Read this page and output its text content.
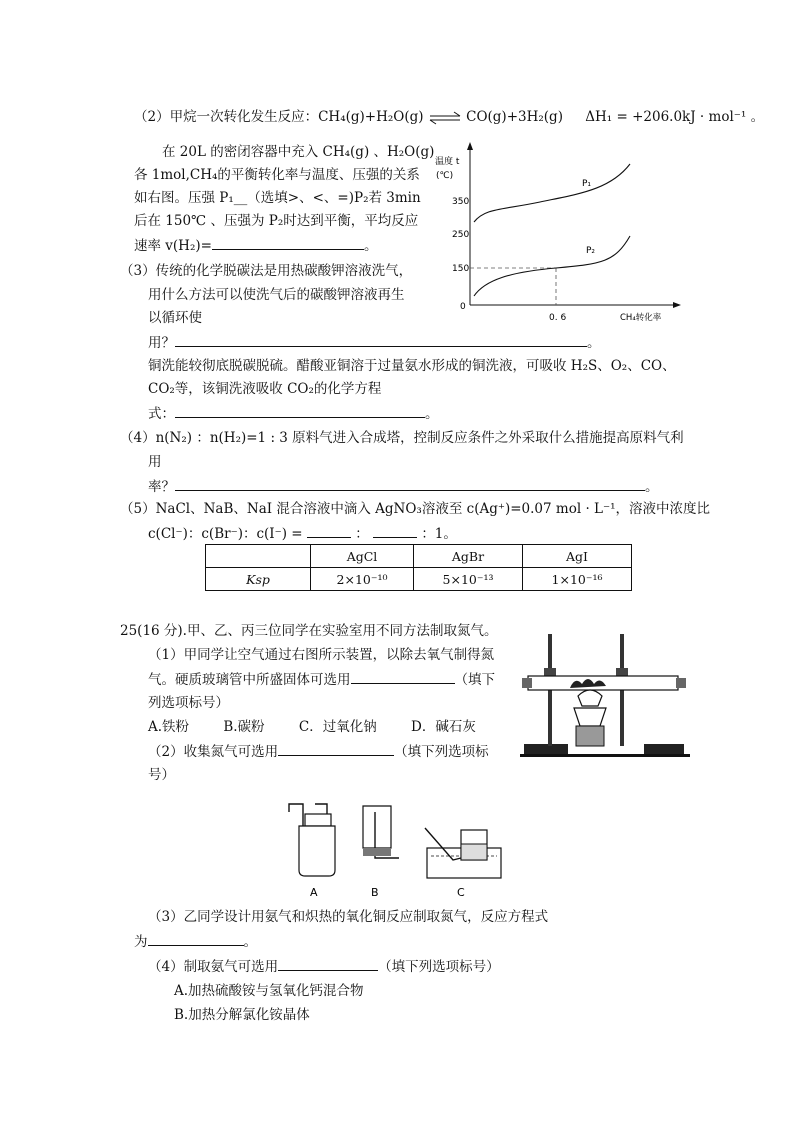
（2）甲烷一次转化发生反应：CH₄(g)+H₂O(g) ⇌ CO(g)+3H₂(g) ΔH₁ = +206.0kJ · mol⁻¹ 。
在 20L 的密闭容器中充入 CH₄(g) 、H₂O(g)
各 1mol,CH₄的平衡转化率与温度、压强的关系
如右图。压强 P₁__（选填>、<、=)P₂若 3min
后在 150℃ 、压强为 P₂时达到平衡，平均反应
速率 v(H₂)=	。
（3）传统的化学脱碳法是用热碳酸钾溶液洗气，
用什么方法可以使洗气后的碳酸钾溶液再生
以循环使
用？	。
铜洗能较彻底脱碳脱硫。醋酸亚铜溶于过量氨水形成的铜洗液，可吸收 H₂S、O₂、CO、
CO₂等，该铜洗液吸收 CO₂的化学方程
式：	。
（4）n(N₂) ：n(H₂)=1 : 3 原料气进入合成塔，控制反应条件之外采取什么措施提高原料气利
用
率？	。
（5）NaCl、NaB、NaI 混合溶液中滴入 AgNO₃溶液至 c(Ag⁺)=0.07 mol · L⁻¹，溶液中浓度比
c(Cl⁻)：c(Br⁻)：c(I⁻) =	：	：1。
	AgCl	AgBr	AgI
Ksp	2×10⁻¹⁰	5×10⁻¹³	1×10⁻¹⁶
温度 t
(℃)
350
250
150
0
0. 6	CH₄转化率
P₁
P₂
25(16 分).甲、乙、丙三位同学在实验室用不同方法制取氮气。
（1）甲同学让空气通过右图所示装置，以除去氧气制得氮
气。硬质玻璃管中所盛固体可选用	（填下
列选项标号）
A.铁粉	B.碳粉	C．过氧化钠	D．碱石灰
（2）收集氮气可选用	（填下列选项标
号）
A	B	C
（3）乙同学设计用氨气和炽热的氧化铜反应制取氮气，反应方程式
为	。
（4）制取氨气可选用	（填下列选项标号）
A.加热硫酸铵与氢氧化钙混合物
B.加热分解氯化铵晶体
